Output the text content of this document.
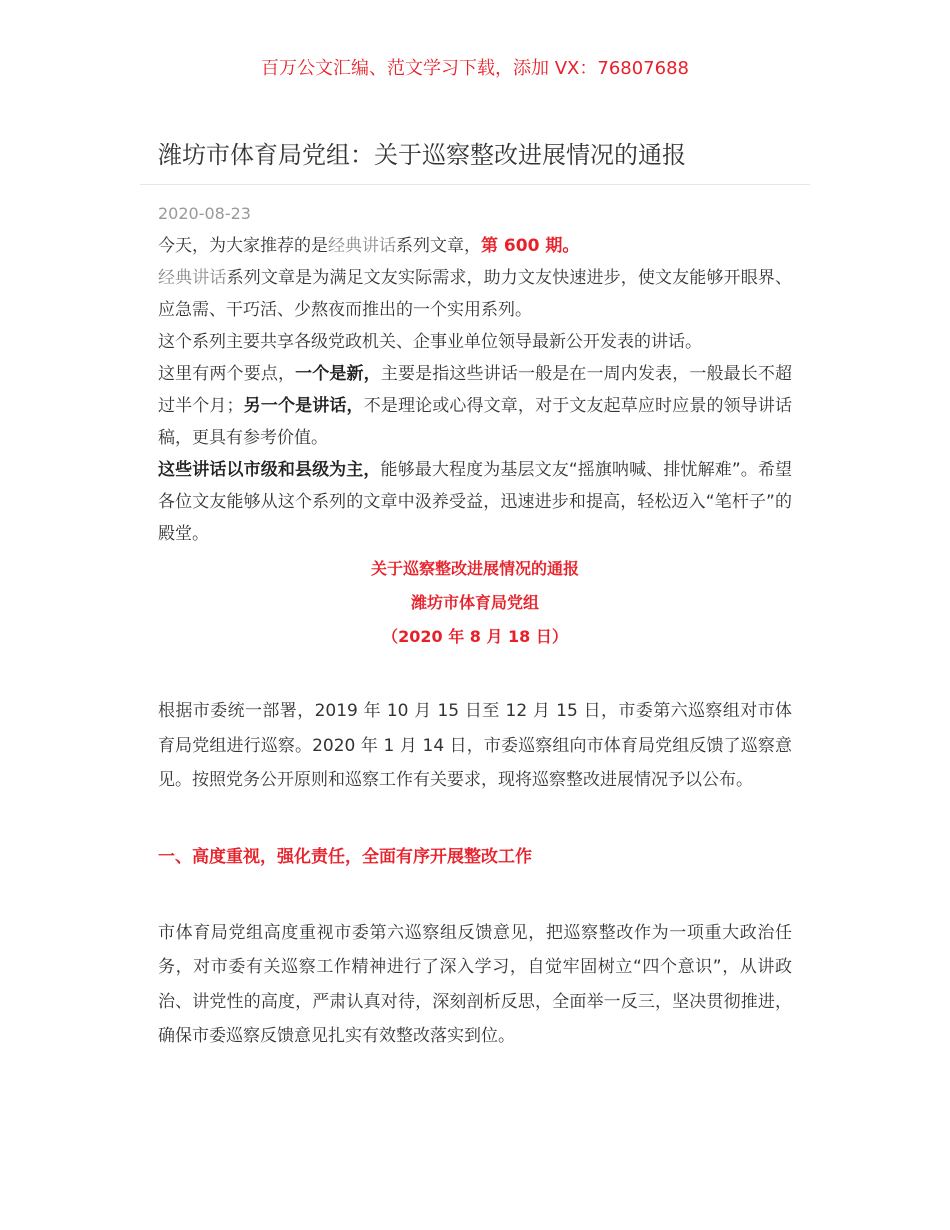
百万公文汇编、范文学习下载，添加 VX：76807688
潍坊市体育局党组：关于巡察整改进展情况的通报
2020-08-23

今天，为大家推荐的是经典讲话系列文章，第 600 期。

经典讲话系列文章是为满足文友实际需求，助力文友快速进步，使文友能够开眼界、应急需、干巧活、少熬夜而推出的一个实用系列。

这个系列主要共享各级党政机关、企事业单位领导最新公开发表的讲话。

这里有两个要点，一个是新，主要是指这些讲话一般是在一周内发表，一般最长不超过半个月；另一个是讲话，不是理论或心得文章，对于文友起草应时应景的领导讲话稿，更具有参考价值。

这些讲话以市级和县级为主，能够最大程度为基层文友“摇旗呐喊、排忧解难”。希望各位文友能够从这个系列的文章中汲养受益，迅速进步和提高，轻松迈入“笔杆子”的殿堂。

关于巡察整改进展情况的通报

潍坊市体育局党组

（2020 年 8 月 18 日）

根据市委统一部署，2019 年 10 月 15 日至 12 月 15 日，市委第六巡察组对市体育局党组进行巡察。2020 年 1 月 14 日，市委巡察组向市体育局党组反馈了巡察意见。按照党务公开原则和巡察工作有关要求，现将巡察整改进展情况予以公布。

一、高度重视，强化责任，全面有序开展整改工作

市体育局党组高度重视市委第六巡察组反馈意见，把巡察整改作为一项重大政治任务，对市委有关巡察工作精神进行了深入学习，自觉牢固树立“四个意识”，从讲政治、讲党性的高度，严肃认真对待，深刻剖析反思，全面举一反三，坚决贯彻推进，确保市委巡察反馈意见扎实有效整改落实到位。
